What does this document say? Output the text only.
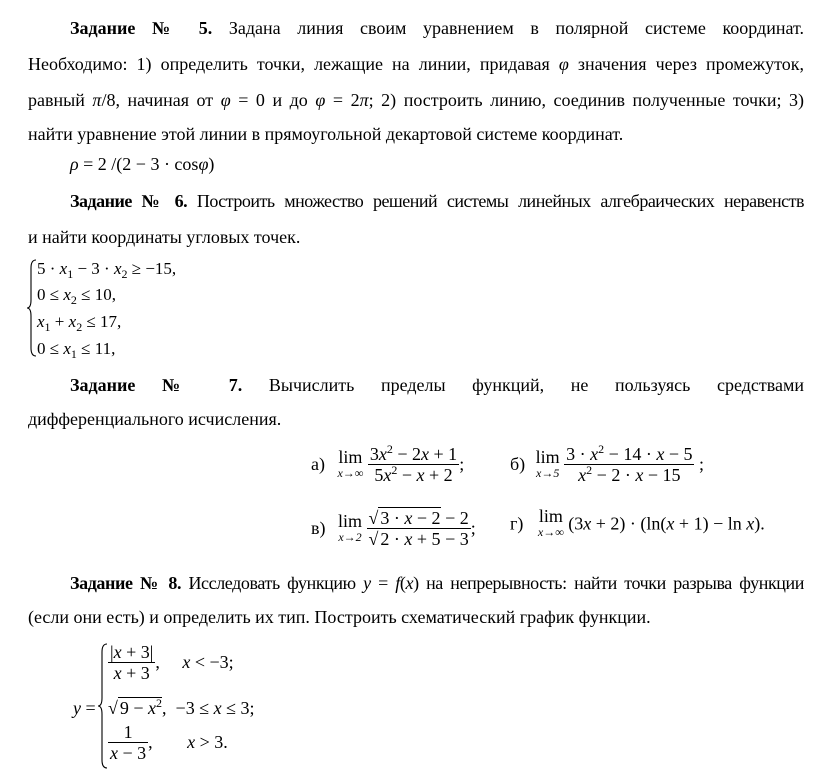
Задание № 5. Задана линия своим уравнением в полярной системе координат.
Необходимо: 1) определить точки, лежащие на линии, придавая φ значения через промежуток,
равный π/8, начиная от φ = 0 и до φ = 2π; 2) построить линию, соединив полученные точки; 3)
найти уравнение этой линии в прямоугольной декартовой системе координат.
ρ = 2 /(2 − 3 · cosφ)
Задание № 6. Построить множество решений системы линейных алгебраических неравенств
и найти координаты угловых точек.
$5 \cdot x_1 - 3 \cdot x_2 \ge -15$,
$0 \le x_2 \le 10$,
$x_1 + x_2 \le 17$,
$0 \le x_1 \le 11$,
Задание № 7. Вычислить пределы функций, не пользуясь средствами
дифференциального исчисления.
а) lim
x→∞
$\frac{3x^2 - 2x + 1}{5x^2 - x + 2}$ ;	б) lim
x→5
$\frac{3 \cdot x^2 - 14 \cdot x - 5}{x^2 - 2 \cdot x - 15}$ ;
в) lim
x→2
$\frac{√ 3 \cdot x - 2 - 2}{√ 2 \cdot x + 5 - 3}$ ; г) lim
x→∞ (3x + 2) · (ln(x + 1) − ln x).
Задание № 8. Исследовать функцию y = f(x) на непрерывность: найти точки разрыва функции
(если они есть) и определить их тип. Построить схематический график функции.
y =
$\frac{|x + 3|}{x + 3}$ , x < −3;
√ $9 - x^2$,  −3 ≤ x ≤ 3;
$\frac{1}{x - 3}$ , x > 3.
